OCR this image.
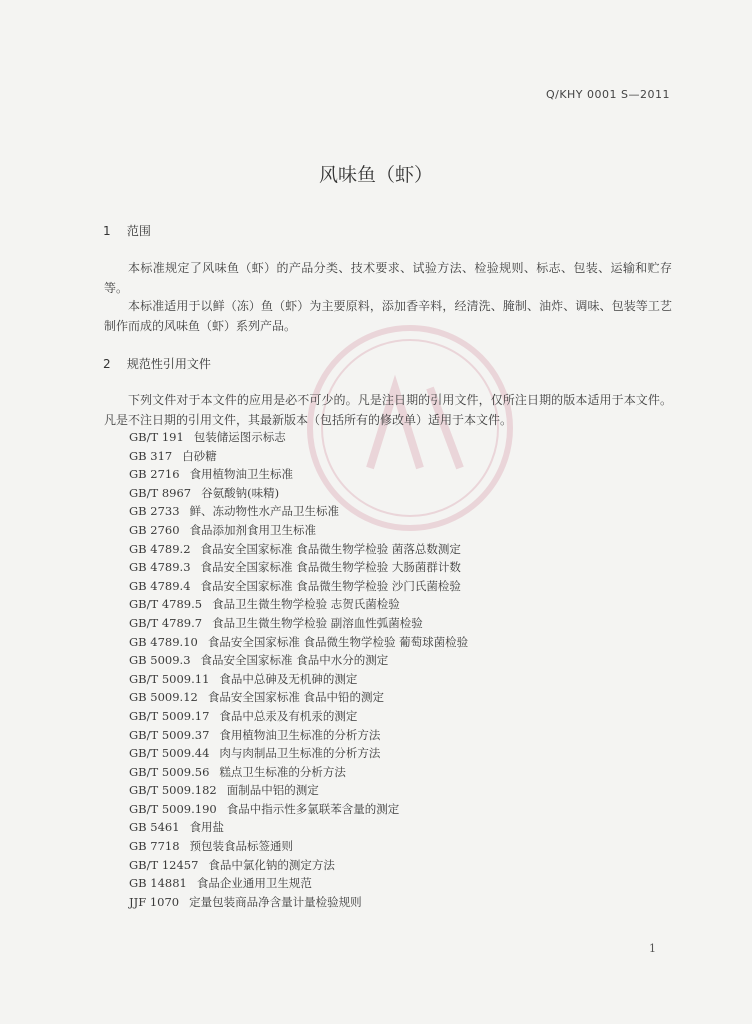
Q/KHY 0001 S—2011
风味鱼（虾）
1 范围
本标准规定了风味鱼（虾）的产品分类、技术要求、试验方法、检验规则、标志、包装、运输和贮存等。
本标准适用于以鲜（冻）鱼（虾）为主要原料，添加香辛料，经清洗、腌制、油炸、调味、包装等工艺制作而成的风味鱼（虾）系列产品。
2 规范性引用文件
下列文件对于本文件的应用是必不可少的。凡是注日期的引用文件，仅所注日期的版本适用于本文件。凡是不注日期的引用文件，其最新版本（包括所有的修改单）适用于本文件。
GB/T 191 包装储运图示标志
GB 317 白砂糖
GB 2716 食用植物油卫生标准
GB/T 8967 谷氨酸钠(味精)
GB 2733 鲜、冻动物性水产品卫生标准
GB 2760 食品添加剂食用卫生标准
GB 4789.2 食品安全国家标准 食品微生物学检验 菌落总数测定
GB 4789.3 食品安全国家标准 食品微生物学检验 大肠菌群计数
GB 4789.4 食品安全国家标准 食品微生物学检验 沙门氏菌检验
GB/T 4789.5 食品卫生微生物学检验 志贺氏菌检验
GB/T 4789.7 食品卫生微生物学检验 副溶血性弧菌检验
GB 4789.10 食品安全国家标准 食品微生物学检验 葡萄球菌检验
GB 5009.3 食品安全国家标准 食品中水分的测定
GB/T 5009.11 食品中总砷及无机砷的测定
GB 5009.12 食品安全国家标准 食品中铅的测定
GB/T 5009.17 食品中总汞及有机汞的测定
GB/T 5009.37 食用植物油卫生标准的分析方法
GB/T 5009.44 肉与肉制品卫生标准的分析方法
GB/T 5009.56 糕点卫生标准的分析方法
GB/T 5009.182 面制品中铝的测定
GB/T 5009.190 食品中指示性多氯联苯含量的测定
GB 5461 食用盐
GB 7718 预包装食品标签通则
GB/T 12457 食品中氯化钠的测定方法
GB 14881 食品企业通用卫生规范
JJF 1070 定量包装商品净含量计量检验规则
1
